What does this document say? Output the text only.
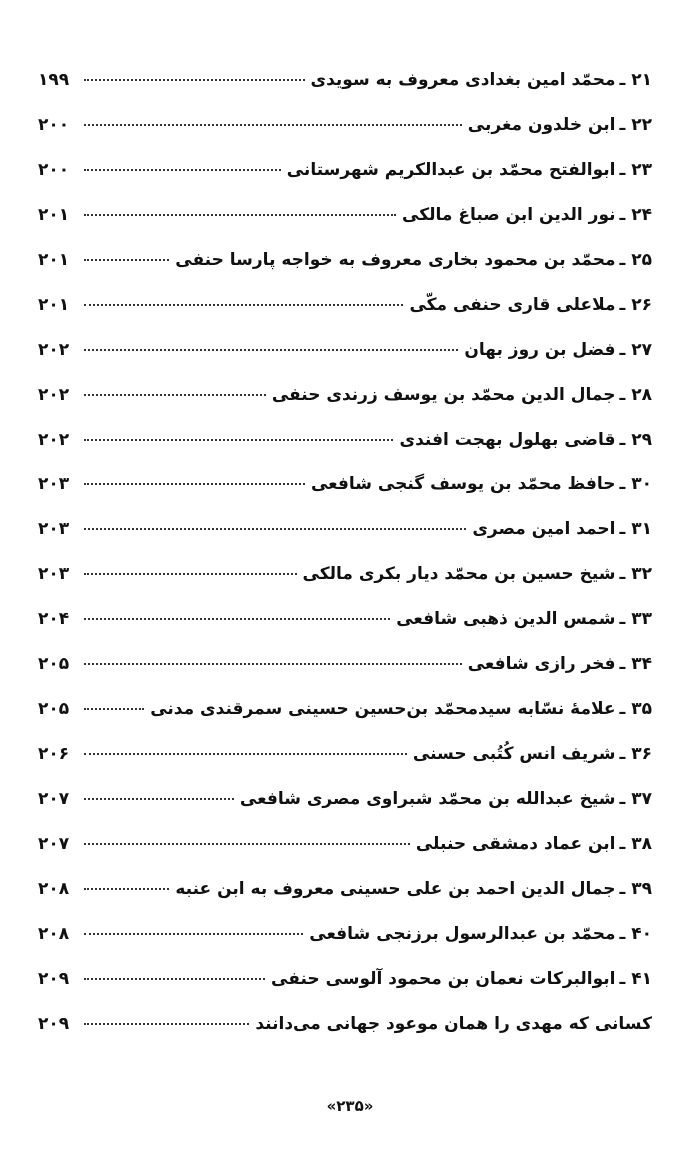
۲۱ ـ
محمّد امین بغدادی معروف به سویدی
۱۹۹
۲۲ ـ
ابن خلدون مغربی
۲۰۰
۲۳ ـ
ابوالفتح محمّد بن عبدالکریم شهرستانی
۲۰۰
۲۴ ـ
نور الدین ابن صباغ مالکی
۲۰۱
۲۵ ـ
محمّد بن محمود بخاری معروف به خواجه پارسا حنفی
۲۰۱
۲۶ ـ
ملاعلی قاری حنفی مکّی
۲۰۱
۲۷ ـ
فضل بن روز بهان
۲۰۲
۲۸ ـ
جمال الدین محمّد بن یوسف زرندی حنفی
۲۰۲
۲۹ ـ
قاضی بهلول بهجت افندی
۲۰۲
۳۰ ـ
حافظ محمّد بن یوسف گنجی شافعی
۲۰۳
۳۱ ـ
احمد امین مصری
۲۰۳
۳۲ ـ
شیخ حسین بن محمّد دیار بکری مالکی
۲۰۳
۳۳ ـ
شمس الدین ذهبی شافعی
۲۰۴
۳۴ ـ
فخر رازی شافعی
۲۰۵
۳۵ ـ
علامهٔ نسّابه سیدمحمّد بن‌حسین حسینی سمرقندی مدنی
۲۰۵
۳۶ ـ
شریف انس کُتُبی حسنی
۲۰۶
۳۷ ـ
شیخ عبدالله بن محمّد شبراوی مصری شافعی
۲۰۷
۳۸ ـ
ابن عماد دمشقی حنبلی
۲۰۷
۳۹ ـ
جمال الدین احمد بن علی حسینی معروف به ابن عنبه
۲۰۸
۴۰ ـ
محمّد بن عبدالرسول برزنجی شافعی
۲۰۸
۴۱ ـ
ابوالبرکات نعمان بن محمود آلوسی حنفی
۲۰۹
کسانی که مهدی را همان موعود جهانی می‌دانند
۲۰۹
«۲۳۵»
